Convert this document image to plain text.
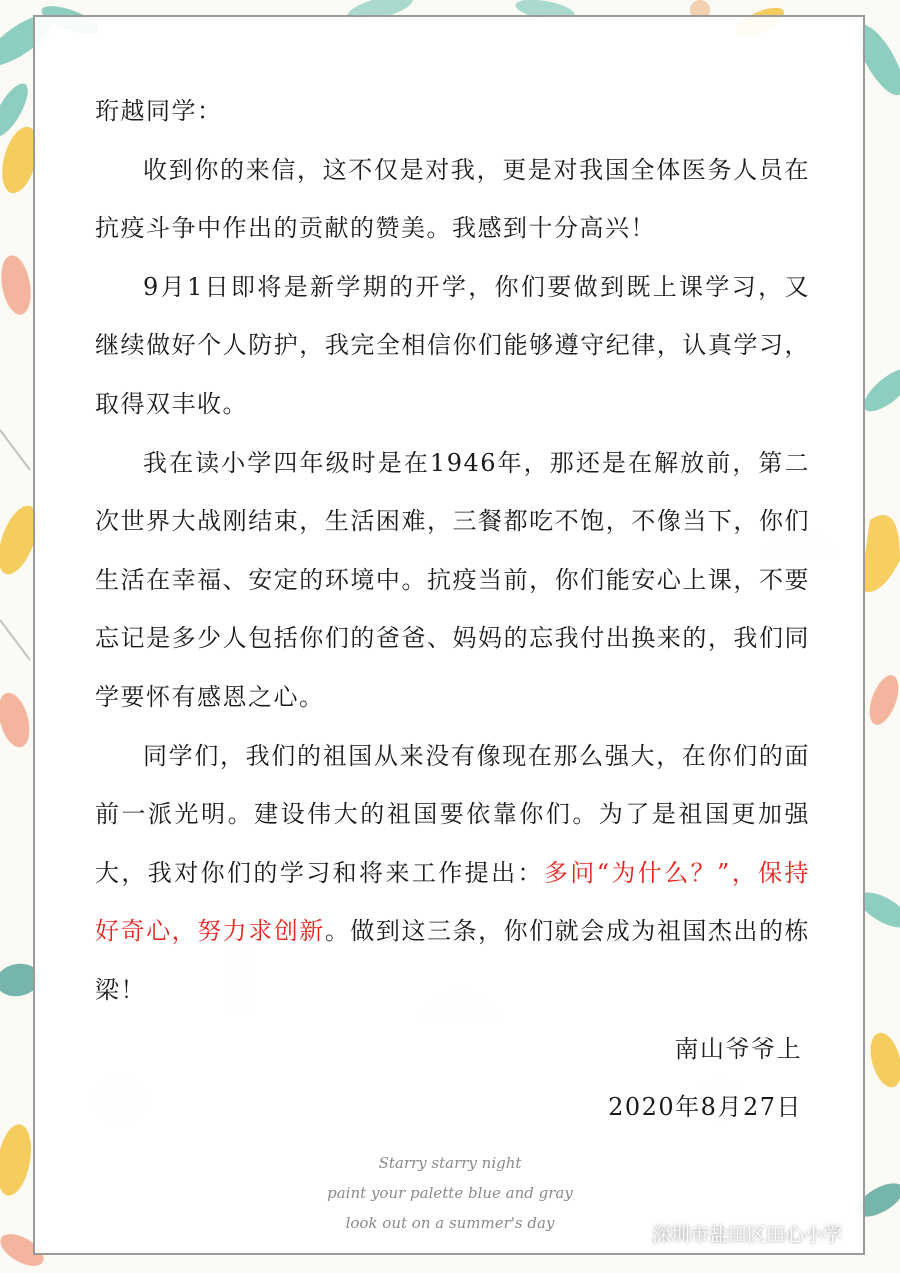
珩越同学：

收到你的来信，这不仅是对我，更是对我国全体医务人员在抗疫斗争中作出的贡献的赞美。我感到十分高兴！

9月1日即将是新学期的开学，你们要做到既上课学习，又继续做好个人防护，我完全相信你们能够遵守纪律，认真学习，取得双丰收。

我在读小学四年级时是在1946年，那还是在解放前，第二次世界大战刚结束，生活困难，三餐都吃不饱，不像当下，你们生活在幸福、安定的环境中。抗疫当前，你们能安心上课，不要忘记是多少人包括你们的爸爸、妈妈的忘我付出换来的，我们同学要怀有感恩之心。

同学们，我们的祖国从来没有像现在那么强大，在你们的面前一派光明。建设伟大的祖国要依靠你们。为了是祖国更加强大，我对你们的学习和将来工作提出：多问“为什么？”，保持好奇心，努力求创新。做到这三条，你们就会成为祖国杰出的栋梁！

南山爷爷上

2020年8月27日

Starry starry night
paint your palette blue and gray
look out on a summer's day
深圳市盐田区田心小学
